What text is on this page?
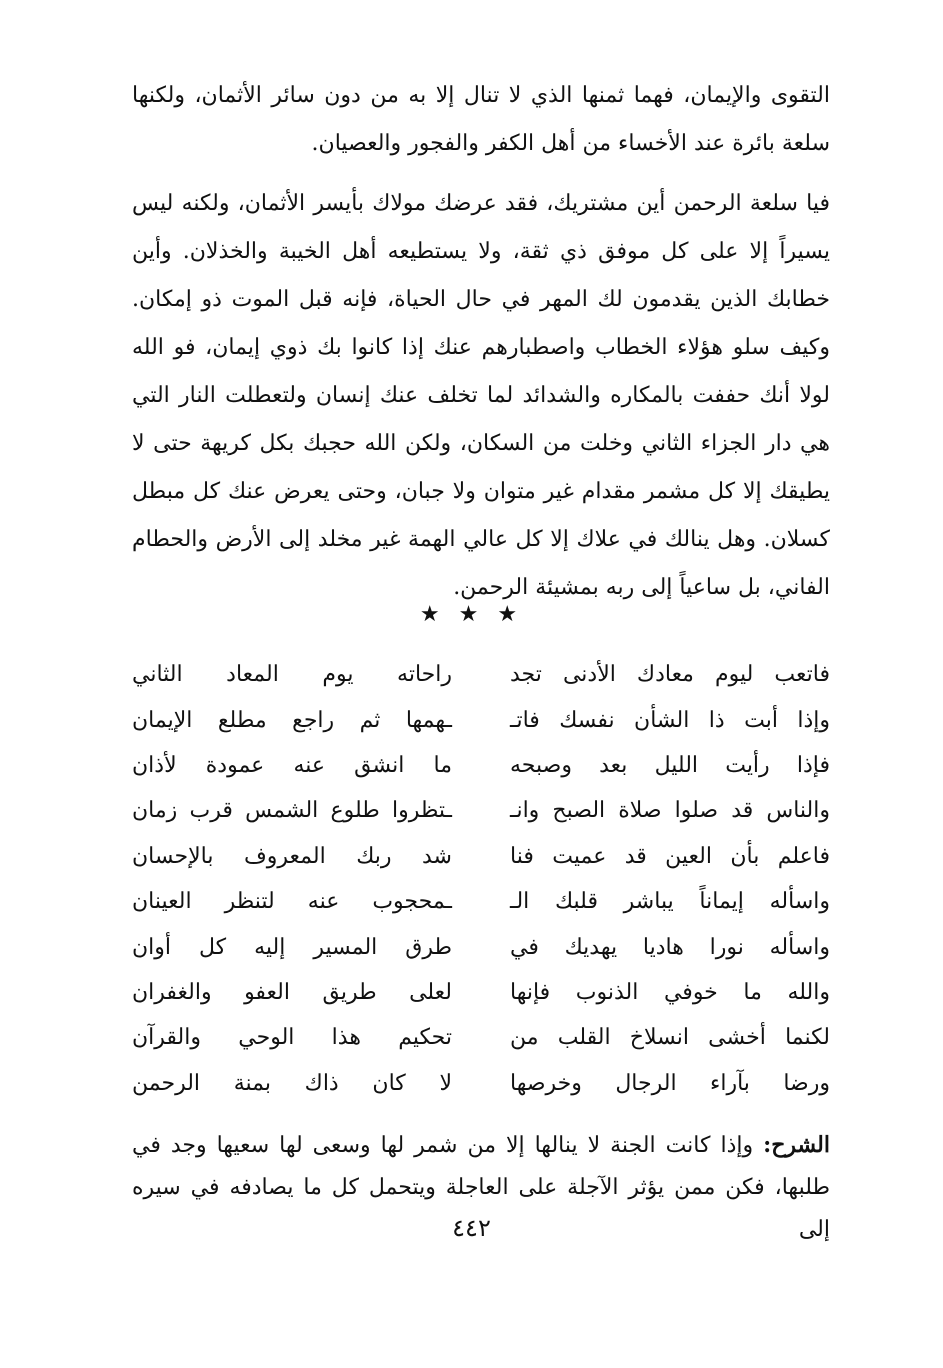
التقوى والإيمان، فهما ثمنها الذي لا تنال إلا به من دون سائر الأثمان، ولكنها سلعة بائرة عند الأخساء من أهل الكفر والفجور والعصيان.

فيا سلعة الرحمن أين مشتريك، فقد عرضك مولاك بأيسر الأثمان، ولكنه ليس يسيراً إلا على كل موفق ذي ثقة، ولا يستطيعه أهل الخيبة والخذلان. وأين خطابك الذين يقدمون لك المهر في حال الحياة، فإنه قبل الموت ذو إمكان. وكيف سلو هؤلاء الخطاب واصطبارهم عنك إذا كانوا بك ذوي إيمان، فو الله لولا أنك حففت بالمكاره والشدائد لما تخلف عنك إنسان ولتعطلت النار التي هي دار الجزاء الثاني وخلت من السكان، ولكن الله حجبك بكل كريهة حتى لا يطيقك إلا كل مشمر مقدام غير متوان ولا جبان، وحتى يعرض عنك كل مبطل كسلان. وهل ينالك في علاك إلا كل عالي الهمة غير مخلد إلى الأرض والحطام الفاني، بل ساعياً إلى ربه بمشيئة الرحمن.

★ ★ ★
فاتعب ليوم معادك الأدنى تجد
راحاته يوم المعاد الثاني
وإذا أبت ذا الشأن نفسك فاتـ
ـهمها ثم راجع مطلع الإيمان
فإذا رأيت الليل بعد وصبحه
ما انشق عنه عمودة لأذان
والناس قد صلوا صلاة الصبح وانـ
ـتظروا طلوع الشمس قرب زمان
فاعلم بأن العين قد عميت فنا
شد ربك المعروف بالإحسان
واسأله إيماناً يباشر قلبك الـ
ـمحجوب عنه لتنظر العينان
واسأله نورا هاديا يهديك في
طرق المسير إليه كل أوان
والله ما خوفي الذنوب فإنها
لعلى طريق العفو والغفران
لكنما أخشى انسلاخ القلب من
تحكيم هذا الوحي والقرآن
ورضا بآراء الرجال وخرصها
لا كان ذاك بمنة الرحمن
الشرح: وإذا كانت الجنة لا ينالها إلا من شمر لها وسعى لها سعيها وجد في طلبها، فكن ممن يؤثر الآجلة على العاجلة ويتحمل كل ما يصادفه في سيره إلى
٤٤٢
